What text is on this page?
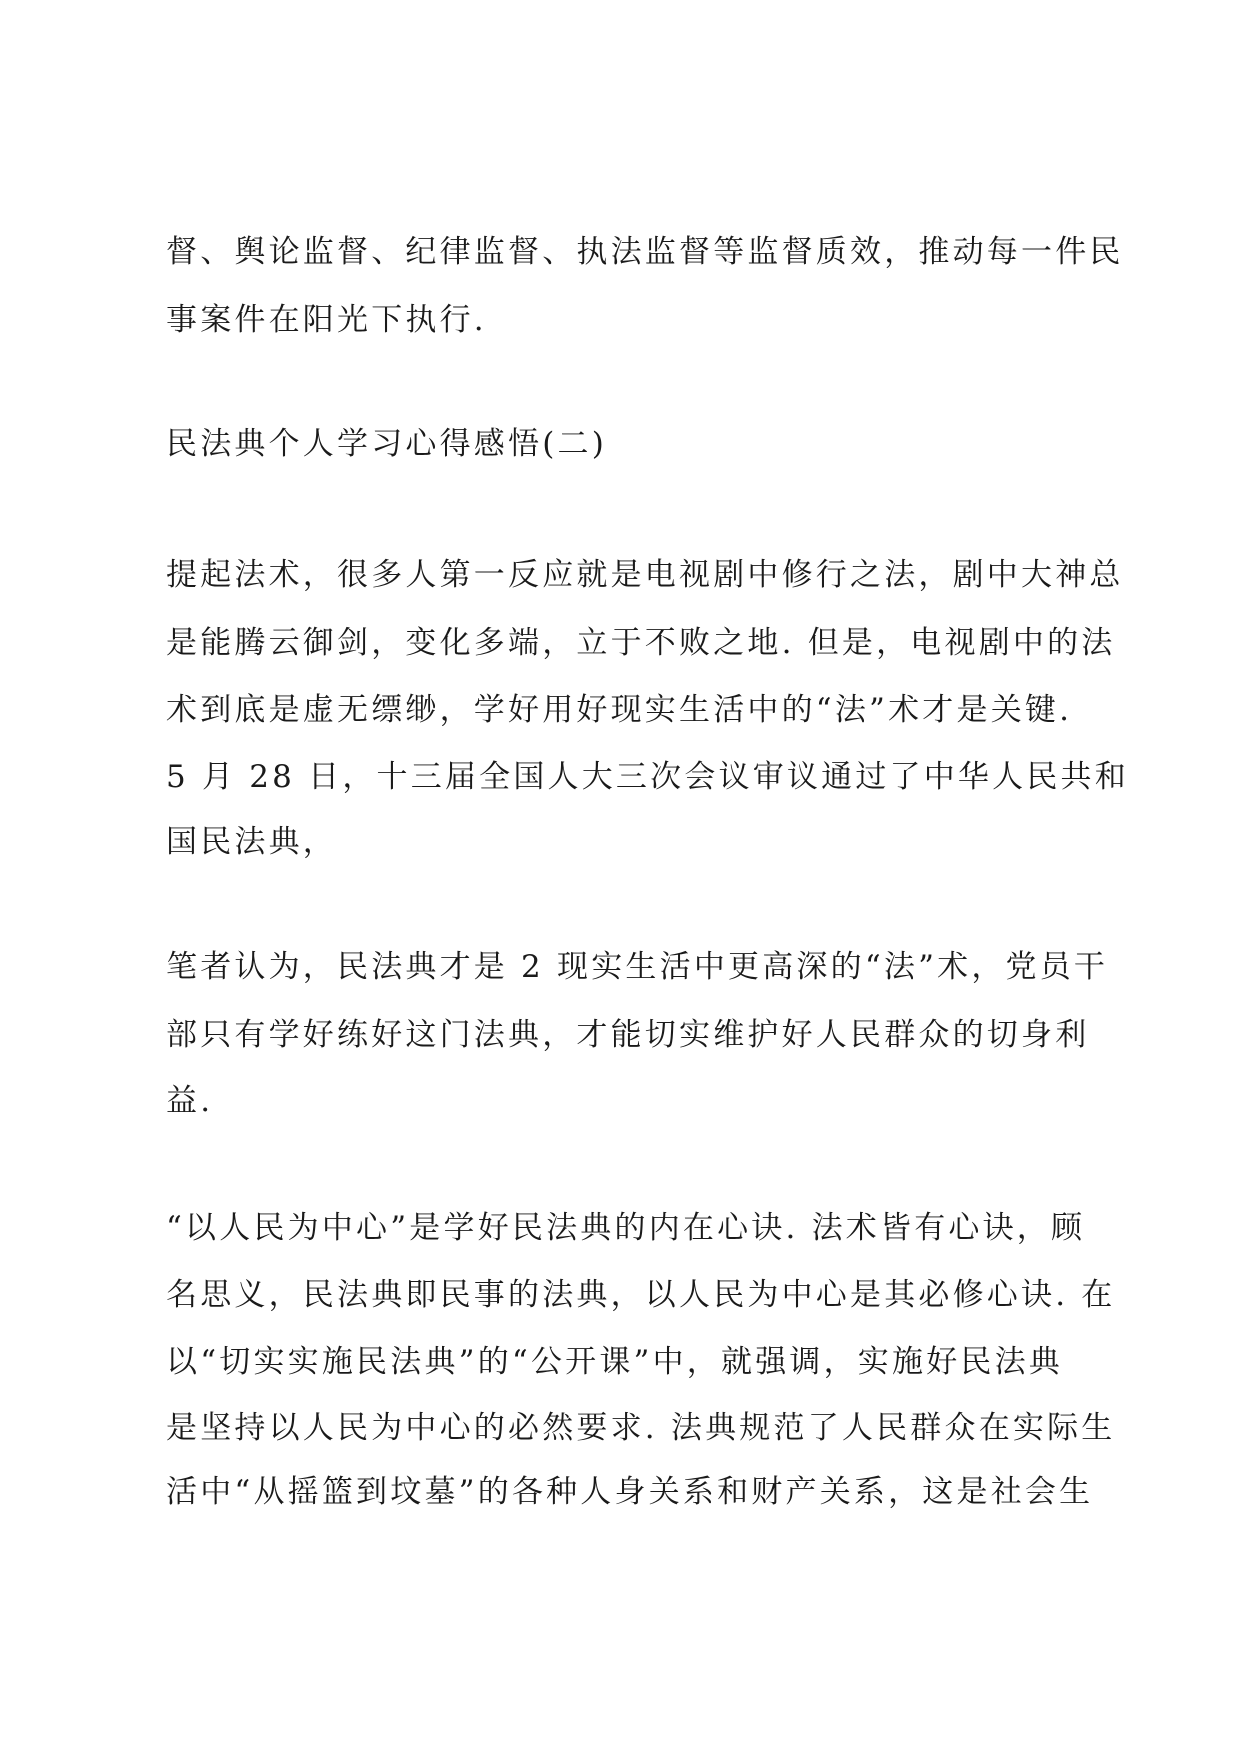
督、舆论监督、纪律监督、执法监督等监督质效，推动每一件民
事案件在阳光下执行.
民法典个人学习心得感悟(二)
提起法术，很多人第一反应就是电视剧中修行之法，剧中大神总
是能腾云御剑，变化多端，立于不败之地. 但是，电视剧中的法
术到底是虚无缥缈，学好用好现实生活中的“法”术才是关键.
5 月 28 日，十三届全国人大三次会议审议通过了中华人民共和
国民法典，
笔者认为，民法典才是 2 现实生活中更高深的“法”术，党员干
部只有学好练好这门法典，才能切实维护好人民群众的切身利
益.
“以人民为中心”是学好民法典的内在心诀. 法术皆有心诀，顾
名思义，民法典即民事的法典，以人民为中心是其必修心诀. 在
以“切实实施民法典”的“公开课”中，就强调，实施好民法典
是坚持以人民为中心的必然要求. 法典规范了人民群众在实际生
活中“从摇篮到坟墓”的各种人身关系和财产关系，这是社会生
